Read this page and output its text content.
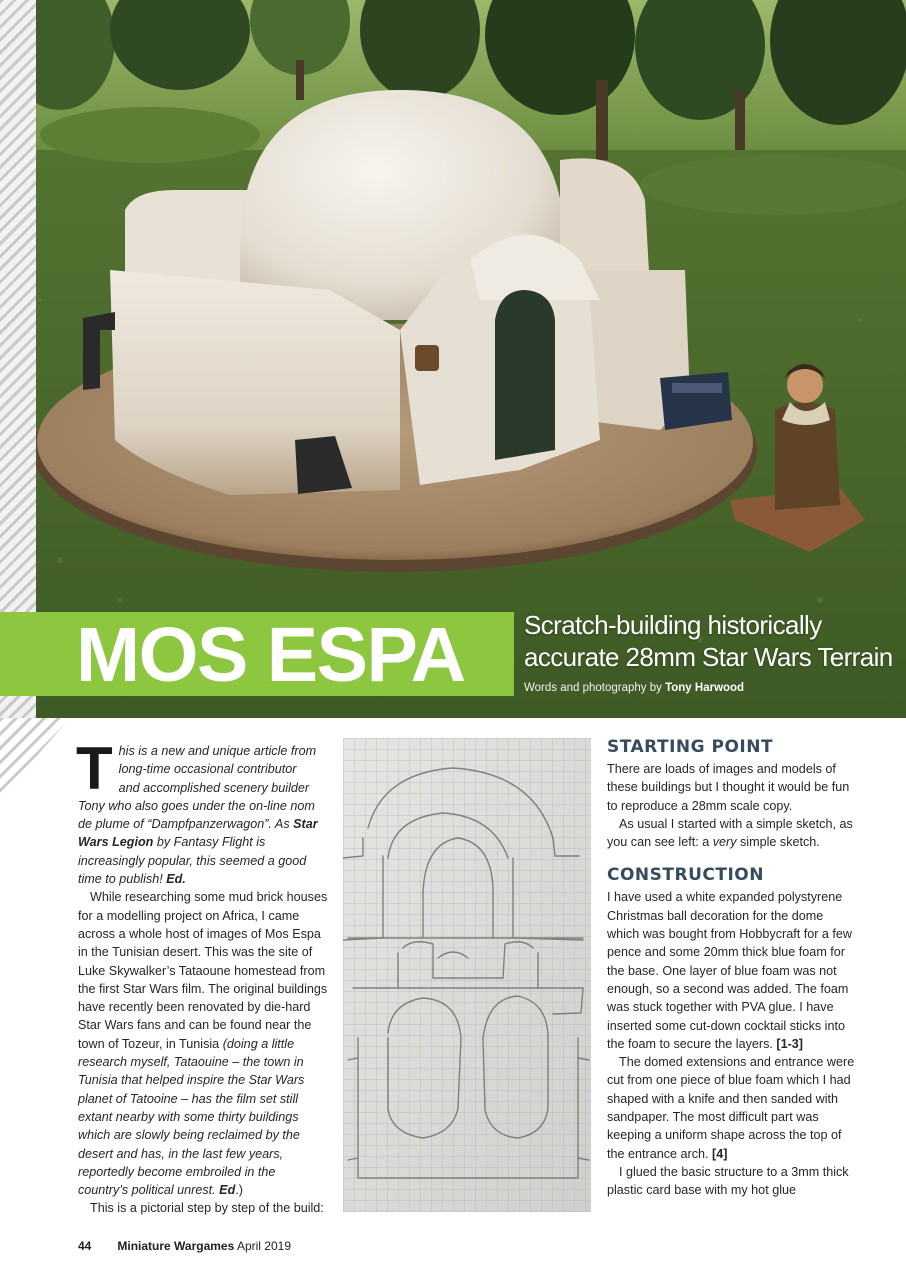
MOS ESPA	Scratch-building historically accurate 28mm Star Wars Terrain
Words and photography by Tony Harwood

T his is a new and unique article from
long-time occasional contributor
and accomplished scenery builder
Tony who also goes under the on-line nom de plume of “Dampfpanzerwagon”. As Star Wars Legion by Fantasy Flight is increasingly popular, this seemed a good time to publish! Ed.

While researching some mud brick houses for a modelling project on Africa, I came across a whole host of images of Mos Espa in the Tunisian desert. This was the site of Luke Skywalker’s Tataoune homestead from the first Star Wars film. The original buildings have recently been renovated by die-hard Star Wars fans and can be found near the town of Tozeur, in Tunisia (doing a little research myself, Tataouine – the town in Tunisia that helped inspire the Star Wars planet of Tatooine – has the film set still extant nearby with some thirty buildings which are slowly being reclaimed by the desert and has, in the last few years, reportedly become embroiled in the country’s political unrest. Ed.)

This is a pictorial step by step of the build:

STARTING POINT

There are loads of images and models of these buildings but I thought it would be fun to reproduce a 28mm scale copy.

As usual I started with a simple sketch, as you can see left: a very simple sketch.

CONSTRUCTION

I have used a white expanded polystyrene Christmas ball decoration for the dome which was bought from Hobbycraft for a few pence and some 20mm thick blue foam for the base. One layer of blue foam was not enough, so a second was added. The foam was stuck together with PVA glue. I have inserted some cut-down cocktail sticks into the foam to secure the layers. [1-3]

The domed extensions and entrance were cut from one piece of blue foam which I had shaped with a knife and then sanded with sandpaper. The most difficult part was keeping a uniform shape across the top of the entrance arch. [4]

I glued the basic structure to a 3mm thick plastic card base with my hot glue

44 Miniature Wargames April 2019
